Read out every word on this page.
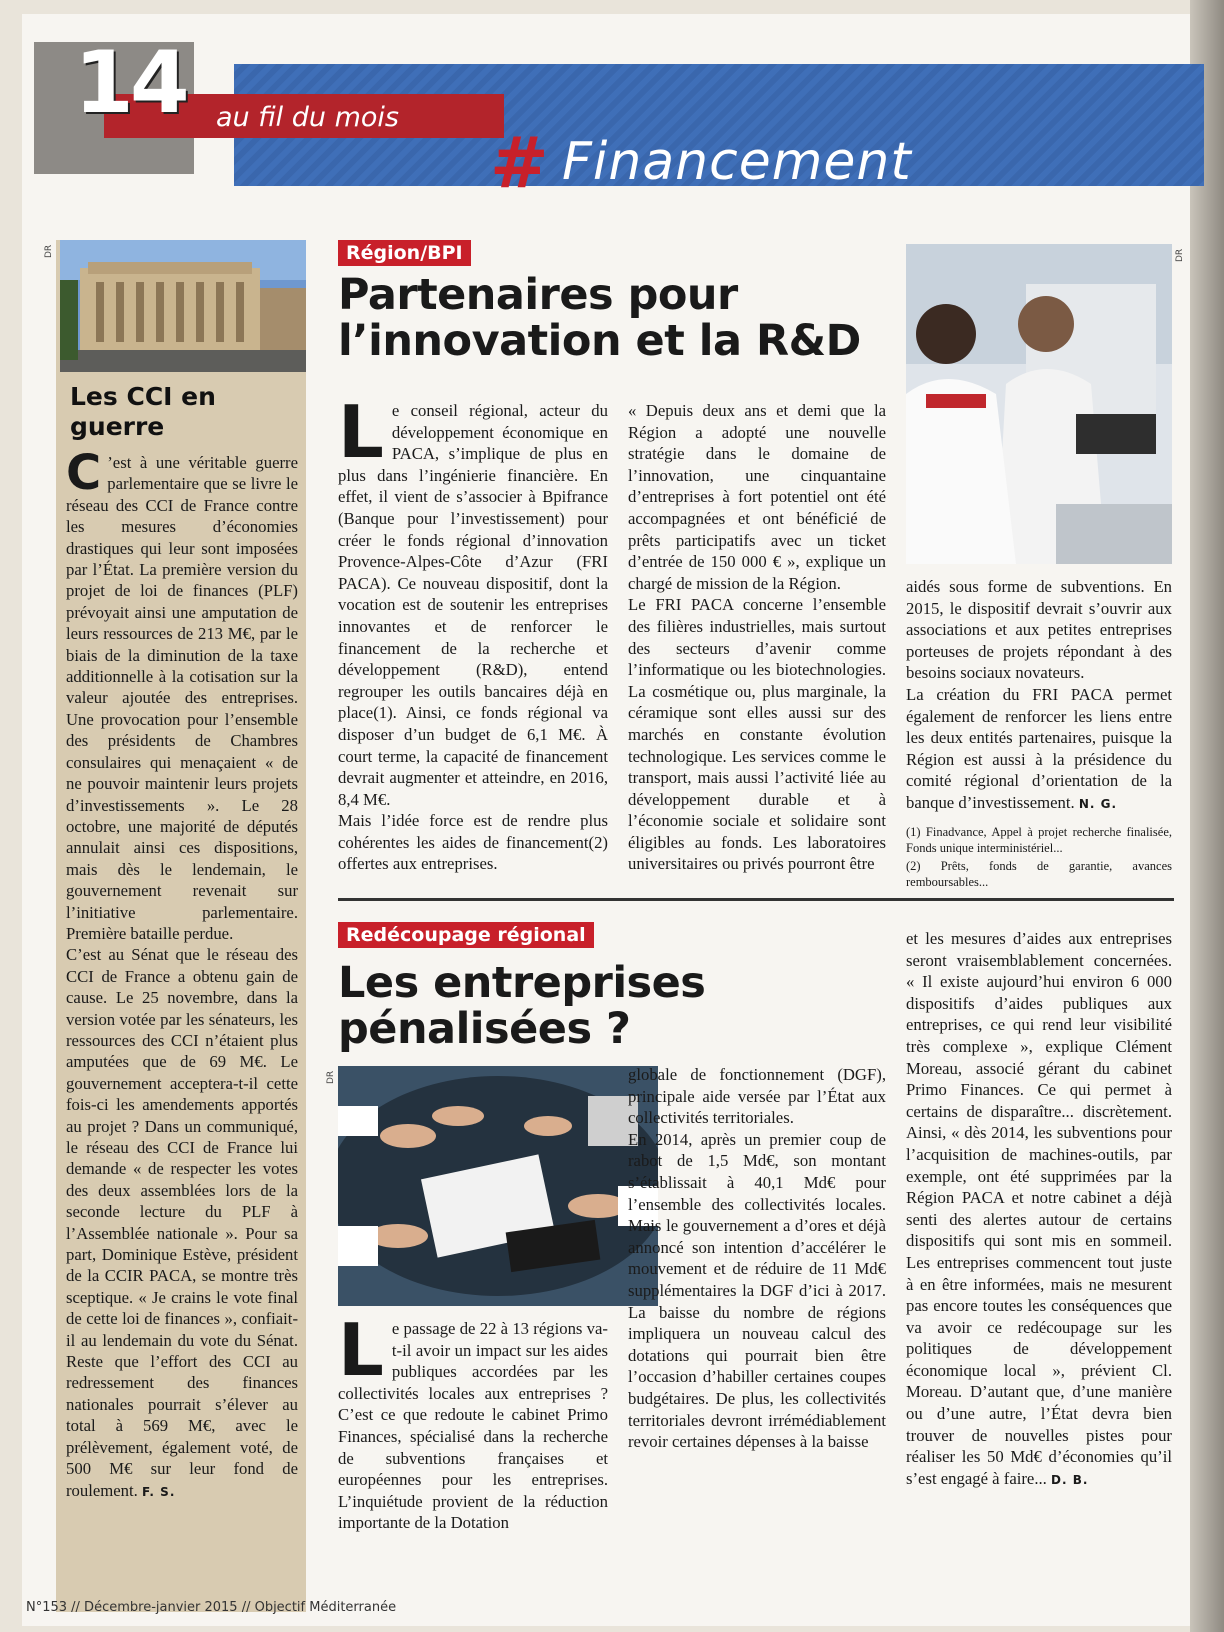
14 au fil du mois
# Financement
DR
Les CCI en guerre

C ’est à une véritable guerre parlementaire que se livre le réseau des CCI de France contre les mesures d’économies drastiques qui leur sont imposées par l’État. La première version du projet de loi de finances (PLF) prévoyait ainsi une amputation de leurs ressources de 213 M€, par le biais de la diminution de la taxe additionnelle à la cotisation sur la valeur ajoutée des entreprises. Une provocation pour l’ensemble des présidents de Chambres consulaires qui menaçaient « de ne pouvoir maintenir leurs projets d’investissements ». Le 28 octobre, une majorité de députés annulait ainsi ces dispositions, mais dès le lendemain, le gouvernement revenait sur l’initiative parlementaire. Première bataille perdue.

C’est au Sénat que le réseau des CCI de France a obtenu gain de cause. Le 25 novembre, dans la version votée par les sénateurs, les ressources des CCI n’étaient plus amputées que de 69 M€. Le gouvernement acceptera-t-il cette fois-ci les amendements apportés au projet ? Dans un communiqué, le réseau des CCI de France lui demande « de respecter les votes des deux assemblées lors de la seconde lecture du PLF à l’Assemblée nationale ». Pour sa part, Dominique Estève, président de la CCIR PACA, se montre très sceptique. « Je crains le vote final de cette loi de finances », confiait-il au lendemain du vote du Sénat. Reste que l’effort des CCI au redressement des finances nationales pourrait s’élever au total à 569 M€, avec le prélèvement, également voté, de 500 M€ sur leur fond de roulement. F. S.

Région/BPI
Partenaires pour l’innovation et la R&D
DR

Le conseil régional, acteur du développement économique en PACA, s’implique de plus en plus dans l’ingénierie financière. En effet, il vient de s’associer à Bpifrance (Banque pour l’investissement) pour créer le fonds régional d’innovation Provence-Alpes-Côte d’Azur (FRI PACA). Ce nouveau dispositif, dont la vocation est de soutenir les entreprises innovantes et de renforcer le financement de la recherche et développement (R&D), entend regrouper les outils bancaires déjà en place(1). Ainsi, ce fonds régional va disposer d’un budget de 6,1 M€. À court terme, la capacité de financement devrait augmenter et atteindre, en 2016, 8,4 M€.

Mais l’idée force est de rendre plus cohérentes les aides de financement(2) offertes aux entreprises.

« Depuis deux ans et demi que la Région a adopté une nouvelle stratégie dans le domaine de l’innovation, une cinquantaine d’entreprises à fort potentiel ont été accompagnées et ont bénéficié de prêts participatifs avec un ticket d’entrée de 150 000 € », explique un chargé de mission de la Région.

Le FRI PACA concerne l’ensemble des filières industrielles, mais surtout des secteurs d’avenir comme l’informatique ou les biotechnologies. La cosmétique ou, plus marginale, la céramique sont elles aussi sur des marchés en constante évolution technologique. Les services comme le transport, mais aussi l’activité liée au développement durable et à l’économie sociale et solidaire sont éligibles au fonds. Les laboratoires universitaires ou privés pourront être

aidés sous forme de subventions. En 2015, le dispositif devrait s’ouvrir aux associations et aux petites entreprises porteuses de projets répondant à des besoins sociaux novateurs.

La création du FRI PACA permet également de renforcer les liens entre les deux entités partenaires, puisque la Région est aussi à la présidence du comité régional d’orientation de la banque d’investissement. N. G.

(1) Finadvance, Appel à projet recherche finalisée, Fonds unique interministériel...

(2) Prêts, fonds de garantie, avances remboursables...

Redécoupage régional
Les entreprises pénalisées ?
DR

Le passage de 22 à 13 régions va-t-il avoir un impact sur les aides publiques accordées par les collectivités locales aux entreprises ? C’est ce que redoute le cabinet Primo Finances, spécialisé dans la recherche de subventions françaises et européennes pour les entreprises. L’inquiétude provient de la réduction importante de la Dotation

globale de fonctionnement (DGF), principale aide versée par l’État aux collectivités territoriales.

En 2014, après un premier coup de rabot de 1,5 Md€, son montant s’établissait à 40,1 Md€ pour l’ensemble des collectivités locales. Mais le gouvernement a d’ores et déjà annoncé son intention d’accélérer le mouvement et de réduire de 11 Md€ supplémentaires la DGF d’ici à 2017. La baisse du nombre de régions impliquera un nouveau calcul des dotations qui pourrait bien être l’occasion d’habiller certaines coupes budgétaires. De plus, les collectivités territoriales devront irrémédiablement revoir certaines dépenses à la baisse

et les mesures d’aides aux entreprises seront vraisemblablement concernées. « Il existe aujourd’hui environ 6 000 dispositifs d’aides publiques aux entreprises, ce qui rend leur visibilité très complexe », explique Clément Moreau, associé gérant du cabinet Primo Finances. Ce qui permet à certains de disparaître... discrètement. Ainsi, « dès 2014, les subventions pour l’acquisition de machines-outils, par exemple, ont été supprimées par la Région PACA et notre cabinet a déjà senti des alertes autour de certains dispositifs qui sont mis en sommeil. Les entreprises commencent tout juste à en être informées, mais ne mesurent pas encore toutes les conséquences que va avoir ce redécoupage sur les politiques de développement économique local », prévient Cl. Moreau. D’autant que, d’une manière ou d’une autre, l’État devra bien trouver de nouvelles pistes pour réaliser les 50 Md€ d’économies qu’il s’est engagé à faire... D. B.

N°153 // Décembre-janvier 2015 // Objectif Méditerranée
